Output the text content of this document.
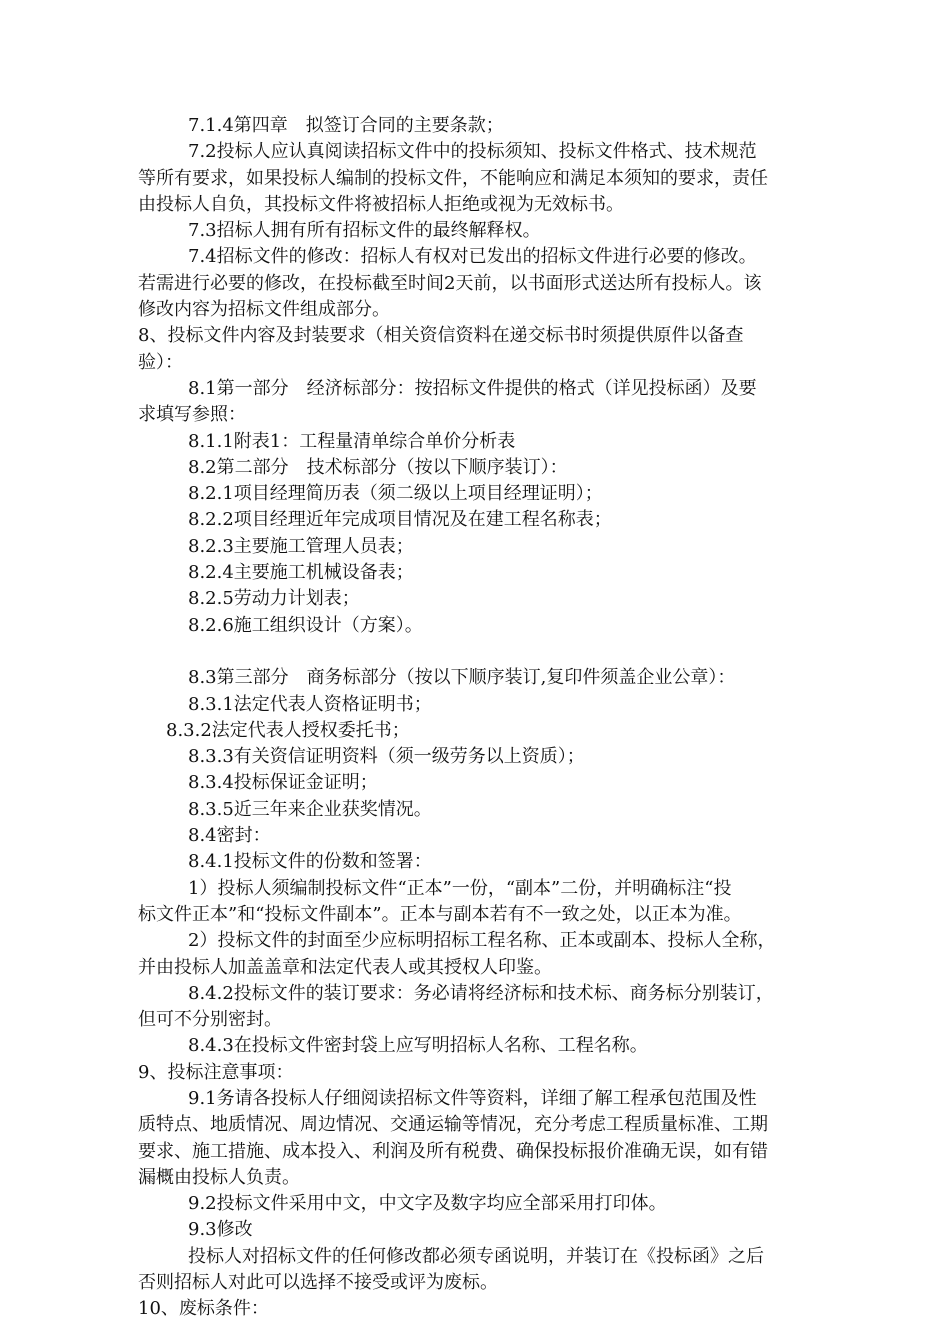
7.1.4第四章　拟签订合同的主要条款；
7.2投标人应认真阅读招标文件中的投标须知、投标文件格式、技术规范
等所有要求，如果投标人编制的投标文件，不能响应和满足本须知的要求，责任
由投标人自负，其投标文件将被招标人拒绝或视为无效标书。
7.3招标人拥有所有招标文件的最终解释权。
7.4招标文件的修改：招标人有权对已发出的招标文件进行必要的修改。
若需进行必要的修改，在投标截至时间2天前，以书面形式送达所有投标人。该
修改内容为招标文件组成部分。
8、投标文件内容及封装要求（相关资信资料在递交标书时须提供原件以备查
验）：
8.1第一部分　经济标部分：按招标文件提供的格式（详见投标函）及要
求填写参照：
8.1.1附表1：工程量清单综合单价分析表
8.2第二部分　技术标部分（按以下顺序装订）：
8.2.1项目经理简历表（须二级以上项目经理证明）；
8.2.2项目经理近年完成项目情况及在建工程名称表；
8.2.3主要施工管理人员表；
8.2.4主要施工机械设备表；
8.2.5劳动力计划表；
8.2.6施工组织设计（方案）。
8.3第三部分　商务标部分（按以下顺序装订,复印件须盖企业公章）：
8.3.1法定代表人资格证明书；
8.3.2法定代表人授权委托书；
8.3.3有关资信证明资料（须一级劳务以上资质）；
8.3.4投标保证金证明；
8.3.5近三年来企业获奖情况。
8.4密封：
8.4.1投标文件的份数和签署：
1）投标人须编制投标文件“正本”一份，“副本”二份，并明确标注“投
标文件正本”和“投标文件副本”。正本与副本若有不一致之处，以正本为准。
2）投标文件的封面至少应标明招标工程名称、正本或副本、投标人全称，
并由投标人加盖盖章和法定代表人或其授权人印鉴。
8.4.2投标文件的装订要求：务必请将经济标和技术标、商务标分别装订，
但可不分别密封。
8.4.3在投标文件密封袋上应写明招标人名称、工程名称。
9、投标注意事项：
9.1务请各投标人仔细阅读招标文件等资料，详细了解工程承包范围及性
质特点、地质情况、周边情况、交通运输等情况，充分考虑工程质量标准、工期
要求、施工措施、成本投入、利润及所有税费、确保投标报价准确无误，如有错
漏概由投标人负责。
9.2投标文件采用中文，中文字及数字均应全部采用打印体。
9.3修改
投标人对招标文件的任何修改都必须专函说明，并装订在《投标函》之后
否则招标人对此可以选择不接受或评为废标。
10、废标条件：
